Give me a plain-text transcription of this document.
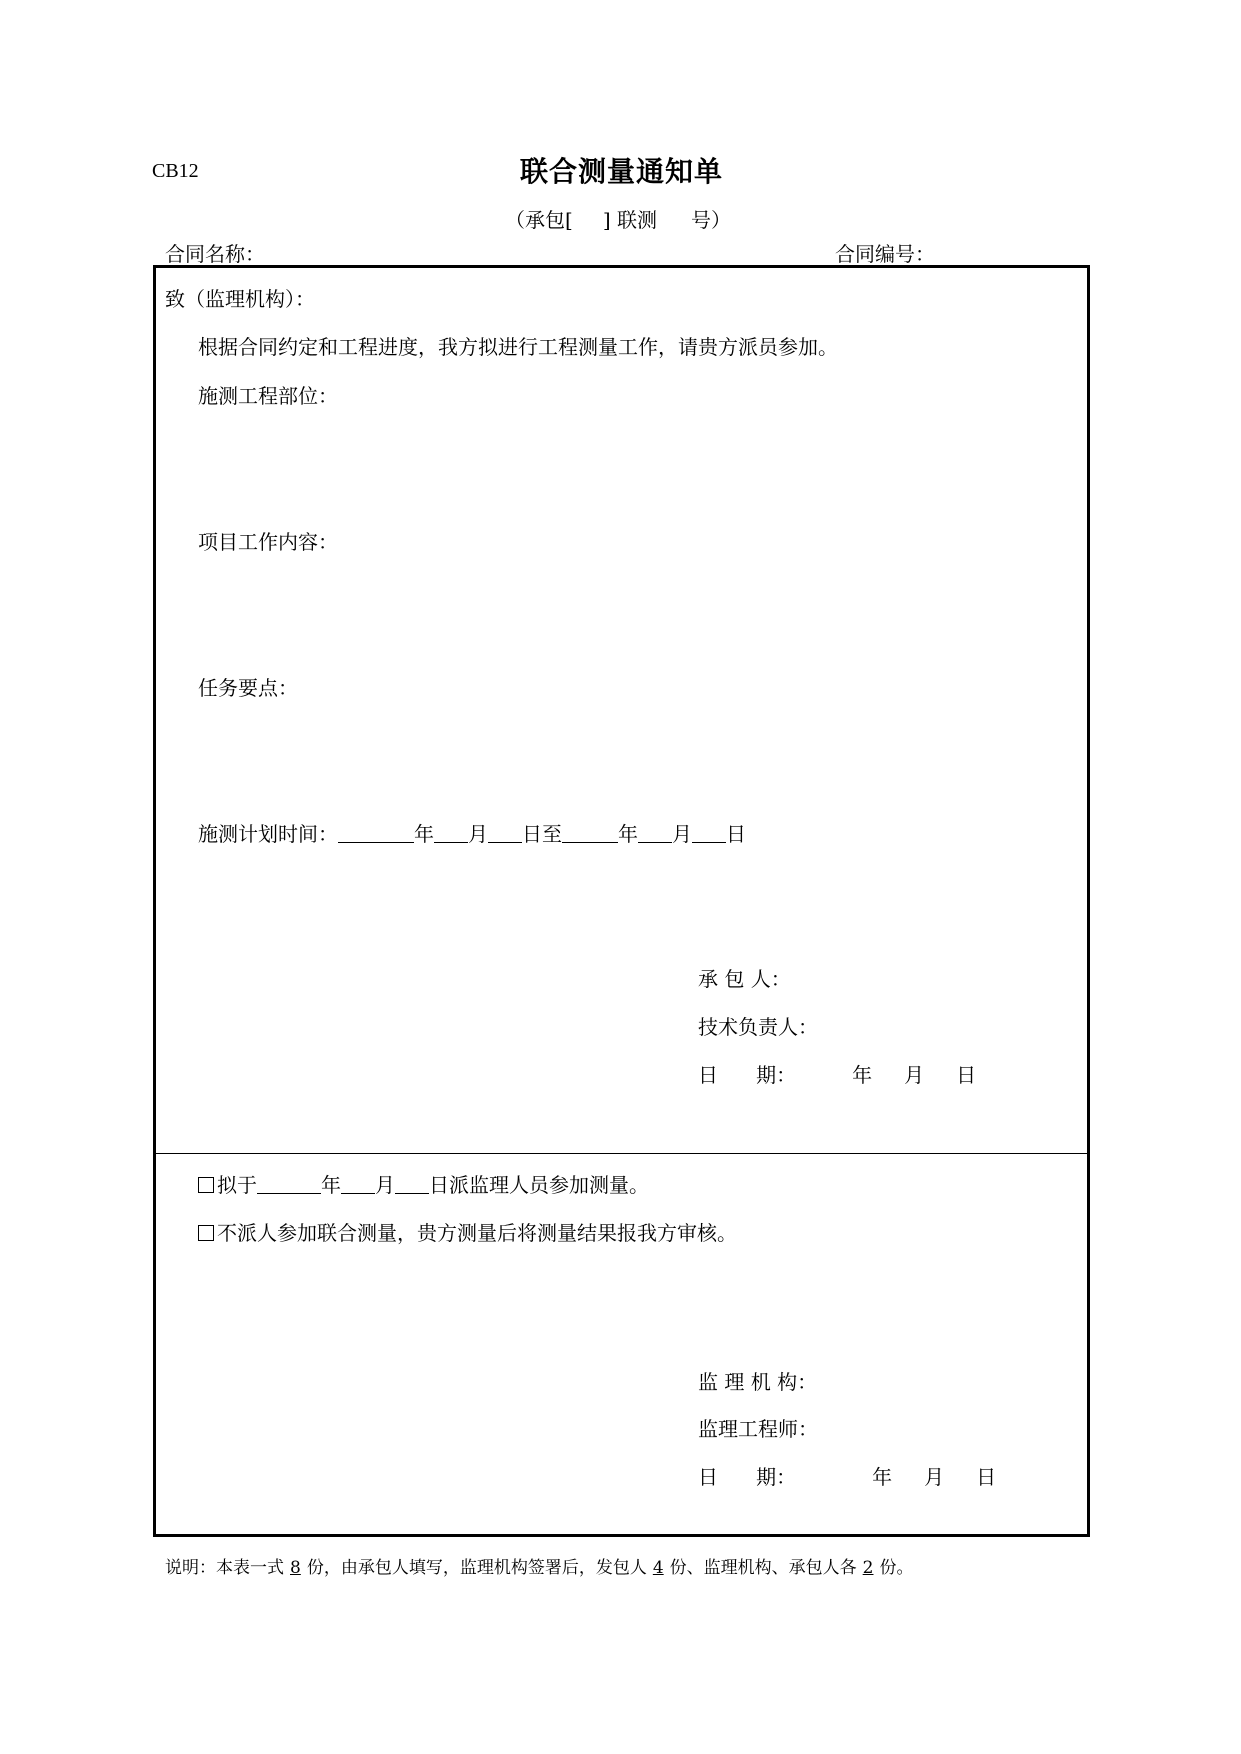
CB12	联合测量通知单
（承包[ ] 联测 号）
合同名称：	合同编号：
致（监理机构）：
根据合同约定和工程进度，我方拟进行工程测量工作，请贵方派员参加。
施测工程部位：
项目工作内容：
任务要点：
施测计划时间：	年 月 日至	年 月 日
承 包 人：
技术负责人：
日      期：	年 月 日
拟于	年 月 日派监理人员参加测量。
不派人参加联合测量，贵方测量后将测量结果报我方审核。
监 理 机 构：
监理工程师：
日      期：	年 月 日
说明：本表一式 8 份，由承包人填写，监理机构签署后，发包人 4 份、监理机构、承包人各 2 份。
